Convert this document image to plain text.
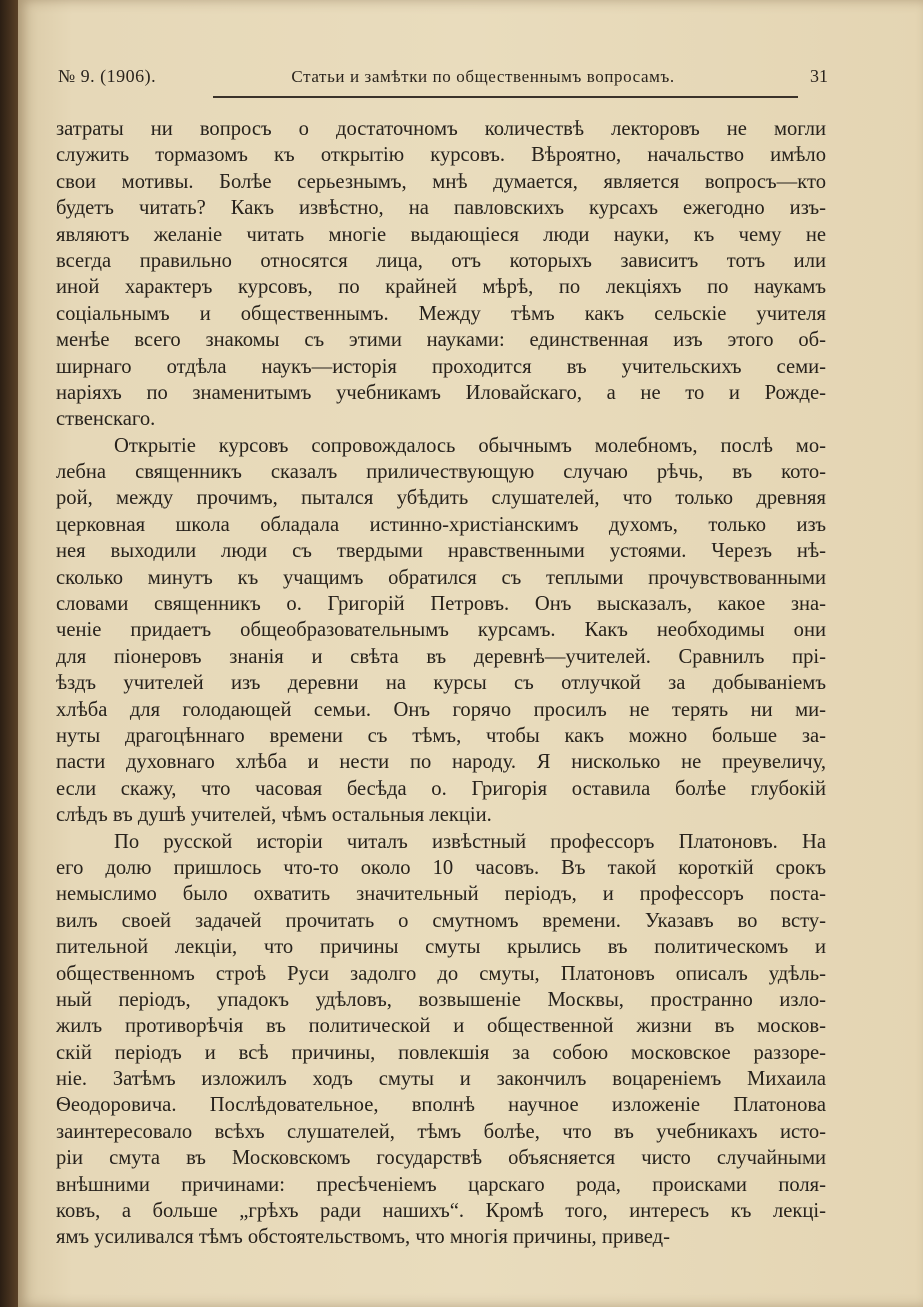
№ 9. (1906).	Статьи и замѣтки по общественнымъ вопросамъ.	31
затраты ни вопросъ о достаточномъ количествѣ лекторовъ не могли
служить тормазомъ къ открытію курсовъ. Вѣроятно, начальство имѣло
свои мотивы. Болѣе серьезнымъ, мнѣ думается, является вопросъ—кто
будетъ читать? Какъ извѣстно, на павловскихъ курсахъ ежегодно изъ-
являютъ желаніе читать многіе выдающіеся люди науки, къ чему не
всегда правильно относятся лица, отъ которыхъ зависитъ тотъ или
иной характеръ курсовъ, по крайней мѣрѣ, по лекціяхъ по наукамъ
соціальнымъ и общественнымъ. Между тѣмъ какъ сельскіе учителя
менѣе всего знакомы съ этими науками: единственная изъ этого об-
ширнаго отдѣла наукъ—исторія проходится въ учительскихъ семи-
наріяхъ по знаменитымъ учебникамъ Иловайскаго, а не то и Рожде-
ственскаго.
Открытіе курсовъ сопровождалось обычнымъ молебномъ, послѣ мо-
лебна священникъ сказалъ приличествующую случаю рѣчь, въ кото-
рой, между прочимъ, пытался убѣдить слушателей, что только древняя
церковная школа обладала истинно-христіанскимъ духомъ, только изъ
нея выходили люди съ твердыми нравственными устоями. Черезъ нѣ-
сколько минутъ къ учащимъ обратился съ теплыми прочувствованными
словами священникъ о. Григорій Петровъ. Онъ высказалъ, какое зна-
ченіе придаетъ общеобразовательнымъ курсамъ. Какъ необходимы они
для піонеровъ знанія и свѣта въ деревнѣ—учителей. Сравнилъ прі-
ѣздъ учителей изъ деревни на курсы съ отлучкой за добываніемъ
хлѣба для голодающей семьи. Онъ горячо просилъ не терять ни ми-
нуты драгоцѣннаго времени съ тѣмъ, чтобы какъ можно больше за-
пасти духовнаго хлѣба и нести по народу. Я нисколько не преувеличу,
если скажу, что часовая бесѣда о. Григорія оставила болѣе глубокій
слѣдъ въ душѣ учителей, чѣмъ остальныя лекціи.
По русской исторіи читалъ извѣстный профессоръ Платоновъ. На
его долю пришлось что-то около 10 часовъ. Въ такой короткій срокъ
немыслимо было охватить значительный періодъ, и профессоръ поста-
вилъ своей задачей прочитать о смутномъ времени. Указавъ во всту-
пительной лекціи, что причины смуты крылись въ политическомъ и
общественномъ строѣ Руси задолго до смуты, Платоновъ описалъ удѣль-
ный періодъ, упадокъ удѣловъ, возвышеніе Москвы, пространно изло-
жилъ противорѣчія въ политической и общественной жизни въ москов-
скій періодъ и всѣ причины, повлекшія за собою московское раззоре-
ніе. Затѣмъ изложилъ ходъ смуты и закончилъ воцареніемъ Михаила
Ѳеодоровича. Послѣдовательное, вполнѣ научное изложеніе Платонова
заинтересовало всѣхъ слушателей, тѣмъ болѣе, что въ учебникахъ исто-
ріи смута въ Московскомъ государствѣ объясняется чисто случайными
внѣшними причинами: пресѣченіемъ царскаго рода, происками поля-
ковъ, а больше „грѣхъ ради нашихъ“. Кромѣ того, интересъ къ лекці-
ямъ усиливался тѣмъ обстоятельствомъ, что многія причины, привед-
